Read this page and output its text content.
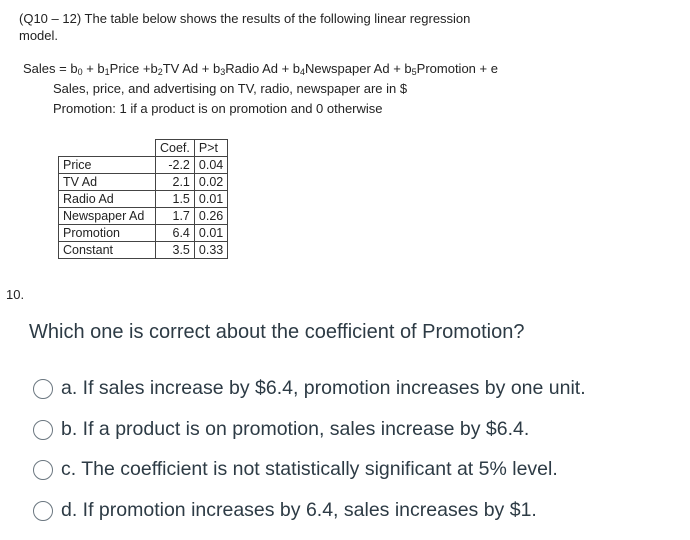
(Q10 – 12) The table below shows the results of the following linear regression
model.
Sales = $b_0$ + $b_1Price +b_2TV$ $Ad + b_3Radio$ $Ad + b_4Newspaper$ $Ad + b_5Promotion + e$
Sales, price, and advertising on TV, radio, newspaper are in $
Promotion: 1 if a product is on promotion and 0 otherwise
	Coef.	P>t
Price	-2.2	0.04
TV Ad	2.1	0.02
Radio Ad	1.5	0.01
Newspaper Ad	1.7	0.26
Promotion	6.4	0.01
Constant	3.5	0.33
10.
Which one is correct about the coefficient of Promotion?
a. If sales increase by $6.4, promotion increases by one unit.
b. If a product is on promotion, sales increase by $6.4.
c. The coefficient is not statistically significant at 5% level.
d. If promotion increases by 6.4, sales increases by $1.
